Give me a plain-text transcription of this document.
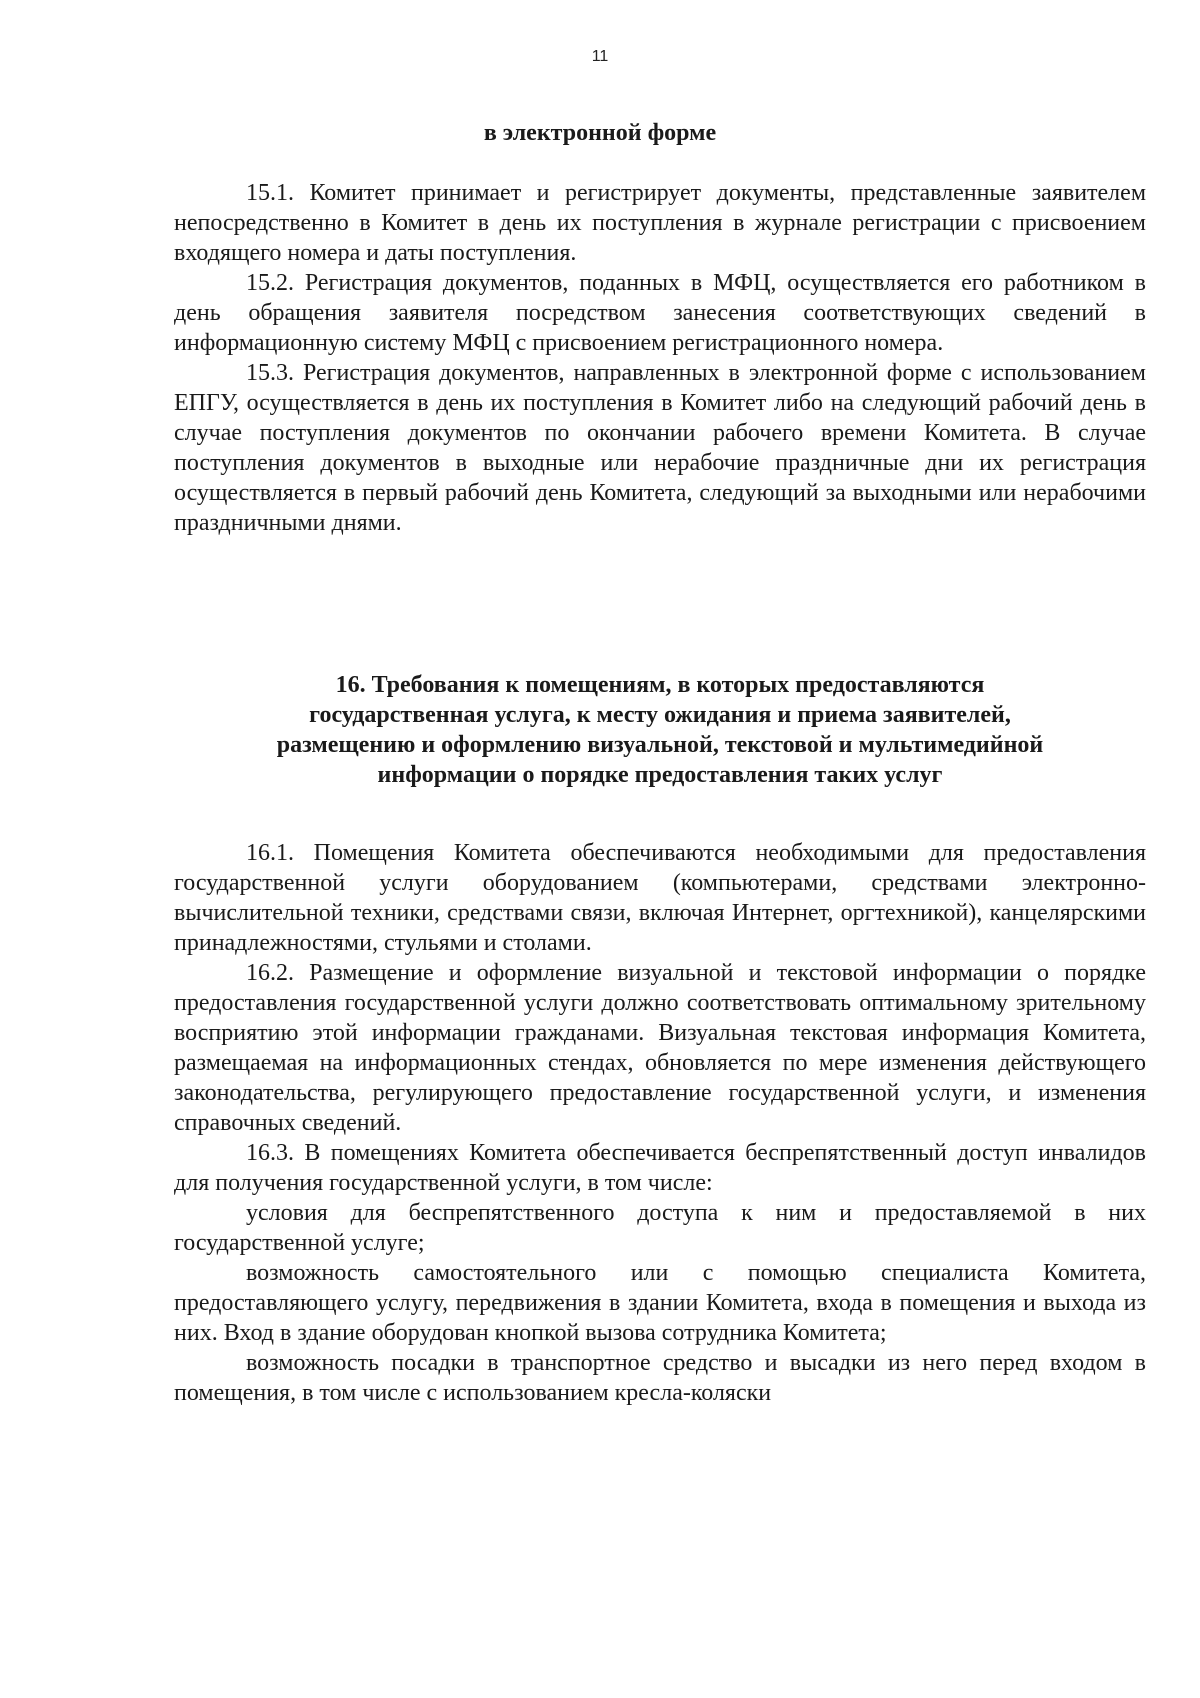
11
в электронной форме

15.1. Комитет принимает и регистрирует документы, представленные заявителем непосредственно в Комитет в день их поступления в журнале регистрации с присвоением входящего номера и даты поступления.

15.2. Регистрация документов, поданных в МФЦ, осуществляется его работником в день обращения заявителя посредством занесения соответствующих сведений в информационную систему МФЦ с присвоением регистрационного номера.

15.3. Регистрация документов, направленных в электронной форме с использованием ЕПГУ, осуществляется в день их поступления в Комитет либо на следующий рабочий день в случае поступления документов по окончании рабочего времени Комитета. В случае поступления документов в выходные или нерабочие праздничные дни их регистрация осуществляется в первый рабочий день Комитета, следующий за выходными или нерабочими праздничными днями.

16. Требования к помещениям, в которых предоставляются
государственная услуга, к месту ожидания и приема заявителей,
размещению и оформлению визуальной, текстовой и мультимедийной
информации о порядке предоставления таких услуг

16.1. Помещения Комитета обеспечиваются необходимыми для предоставления государственной услуги оборудованием (компьютерами, средствами электронно-вычислительной техники, средствами связи, включая Интернет, оргтехникой), канцелярскими принадлежностями, стульями и столами.

16.2. Размещение и оформление визуальной и текстовой информации о порядке предоставления государственной услуги должно соответствовать оптимальному зрительному восприятию этой информации гражданами. Визуальная текстовая информация Комитета, размещаемая на информационных стендах, обновляется по мере изменения действующего законодательства, регулирующего предоставление государственной услуги, и изменения справочных сведений.

16.3. В помещениях Комитета обеспечивается беспрепятственный доступ инвалидов для получения государственной услуги, в том числе:

условия для беспрепятственного доступа к ним и предоставляемой в них государственной услуге;

возможность самостоятельного или с помощью специалиста Комитета, предоставляющего услугу, передвижения в здании Комитета, входа в помещения и выхода из них. Вход в здание оборудован кнопкой вызова сотрудника Комитета;

возможность посадки в транспортное средство и высадки из него перед входом в помещения, в том числе с использованием кресла-коляски
